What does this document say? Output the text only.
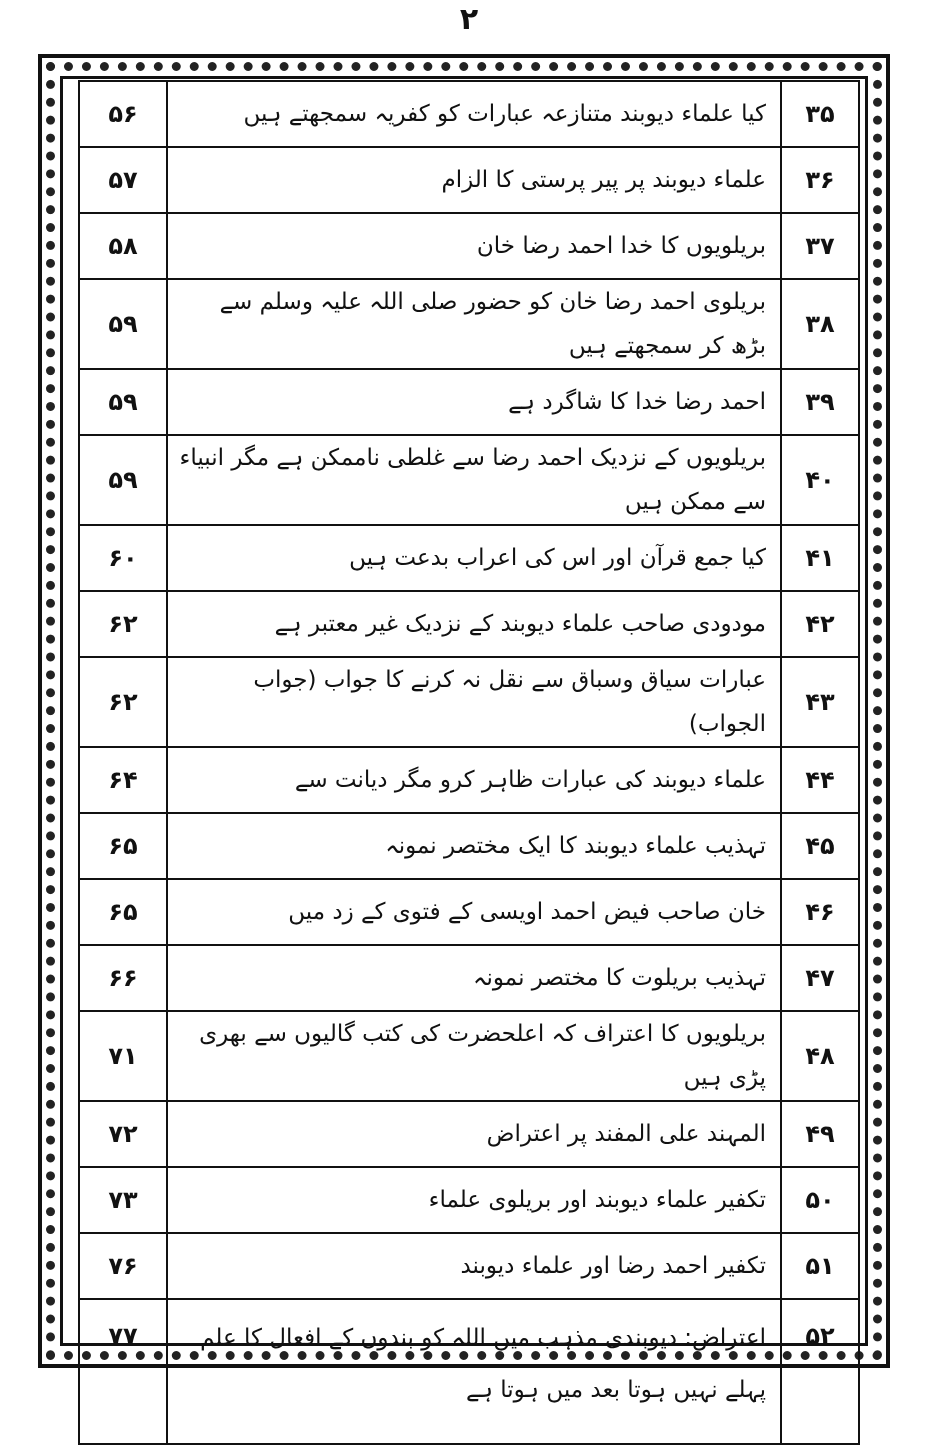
۲
۳۵	کیا علماء دیوبند متنازعہ عبارات کو کفریہ سمجھتے ہیں	۵۶
۳۶	علماء دیوبند پر پیر پرستی کا الزام	۵۷
۳۷	بریلویوں کا خدا احمد رضا خان	۵۸
۳۸	بریلوی احمد رضا خان کو حضور صلی اللہ علیہ وسلم سے بڑھ کر سمجھتے ہیں	۵۹
۳۹	احمد رضا خدا کا شاگرد ہے	۵۹
۴۰	بریلویوں کے نزدیک احمد رضا سے غلطی ناممکن ہے مگر انبیاء سے ممکن ہیں	۵۹
۴۱	کیا جمع قرآن اور اس کی اعراب بدعت ہیں	۶۰
۴۲	مودودی صاحب علماء دیوبند کے نزدیک غیر معتبر ہے	۶۲
۴۳	عبارات سیاق وسباق سے نقل نہ کرنے کا جواب (جواب الجواب)	۶۲
۴۴	علماء دیوبند کی عبارات ظاہر کرو مگر دیانت سے	۶۴
۴۵	تہذیب علماء دیوبند کا ایک مختصر نمونہ	۶۵
۴۶	خان صاحب فیض احمد اویسی کے فتوی کے زد میں	۶۵
۴۷	تہذیب بریلوت کا مختصر نمونہ	۶۶
۴۸	بریلویوں کا اعتراف کہ اعلحضرت کی کتب گالیوں سے بھری پڑی ہیں	۷۱
۴۹	المہند علی المفند پر اعتراض	۷۲
۵۰	تکفیر علماء دیوبند اور بریلوی علماء	۷۳
۵۱	تکفیر احمد رضا اور علماء دیوبند	۷۶
۵۲	اعتراض: دیوبندی مذہب میں اللہ کو بندوں کے افعال کا علم پہلے نہیں ہوتا بعد میں ہوتا ہے	۷۷
